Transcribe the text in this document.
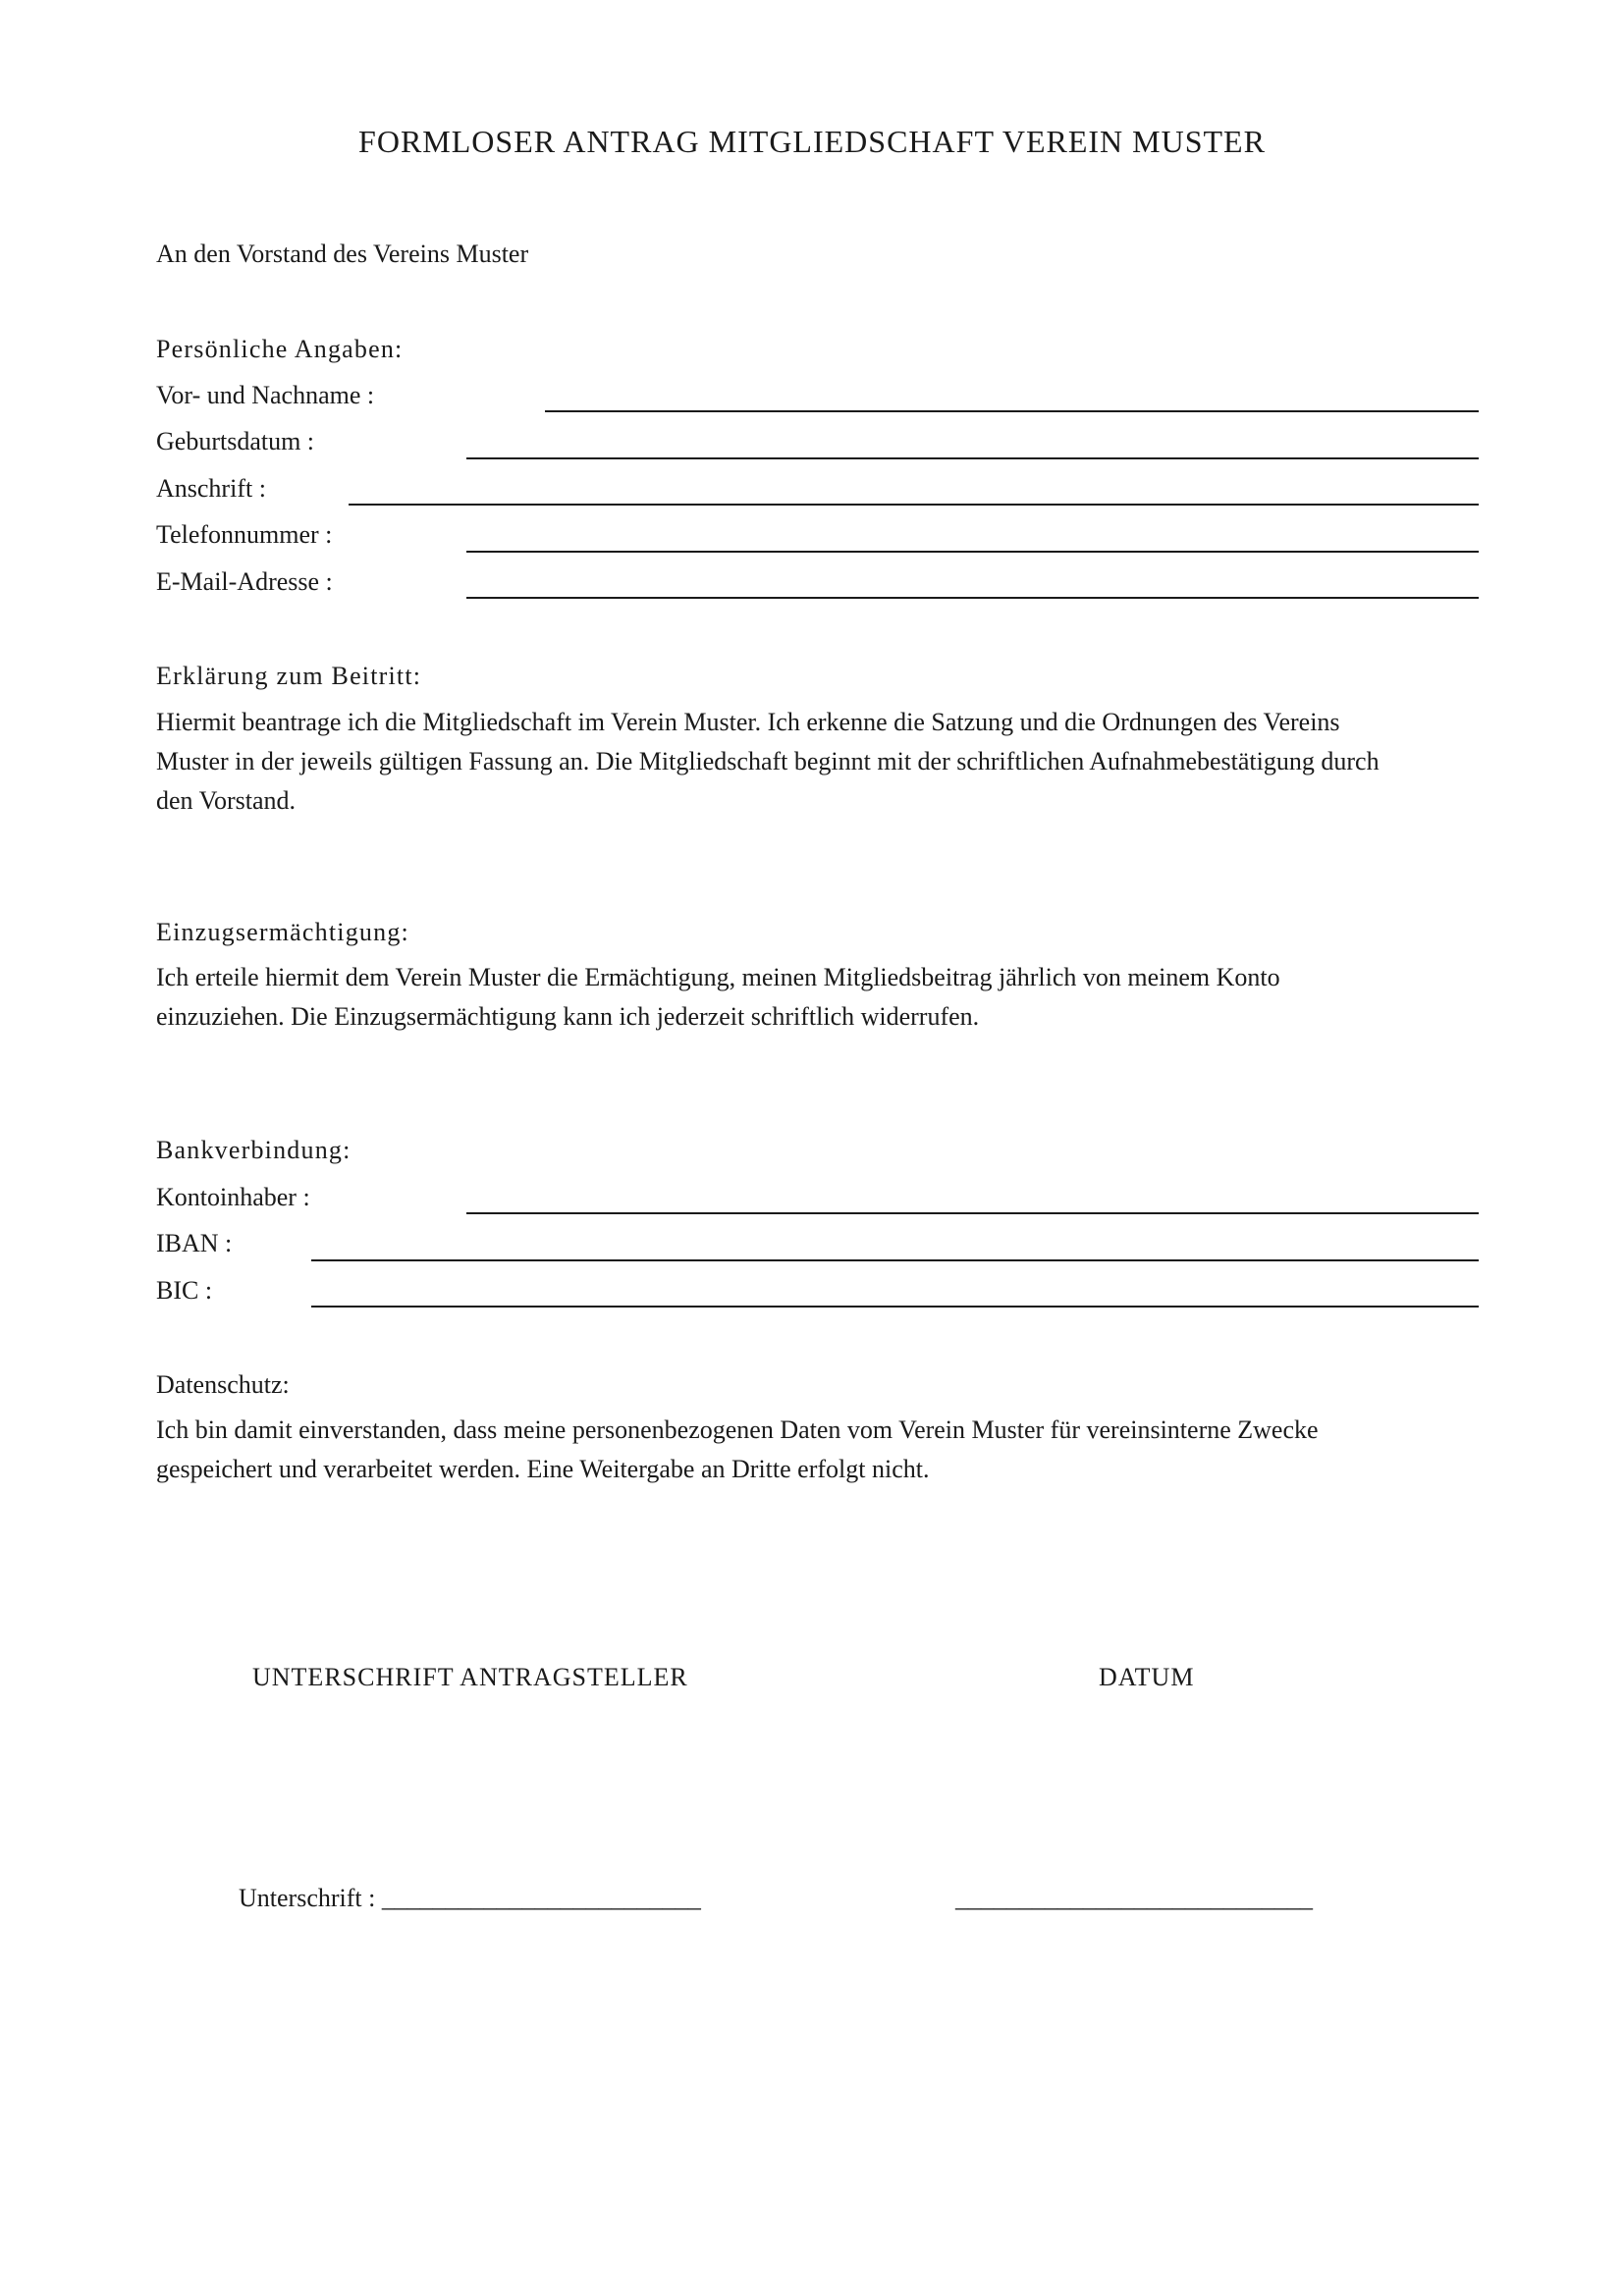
FORMLOSER ANTRAG MITGLIEDSCHAFT VEREIN MUSTER
An den Vorstand des Vereins Muster
Persönliche Angaben:
Vor- und Nachname :
Geburtsdatum :
Anschrift :
Telefonnummer :
E-Mail-Adresse :
Erklärung zum Beitritt:
Hiermit beantrage ich die Mitgliedschaft im Verein Muster. Ich erkenne die Satzung und die Ordnungen des Vereins
Muster in der jeweils gültigen Fassung an. Die Mitgliedschaft beginnt mit der schriftlichen Aufnahmebestätigung durch
den Vorstand.
Einzugsermächtigung:
Ich erteile hiermit dem Verein Muster die Ermächtigung, meinen Mitgliedsbeitrag jährlich von meinem Konto
einzuziehen. Die Einzugsermächtigung kann ich jederzeit schriftlich widerrufen.
Bankverbindung:
Kontoinhaber :
IBAN :
BIC :
Datenschutz:
Ich bin damit einverstanden, dass meine personenbezogenen Daten vom Verein Muster für vereinsinterne Zwecke
gespeichert und verarbeitet werden. Eine Weitergabe an Dritte erfolgt nicht.
UNTERSCHRIFT ANTRAGSTELLER	DATUM
Unterschrift : _________________________	____________________________
